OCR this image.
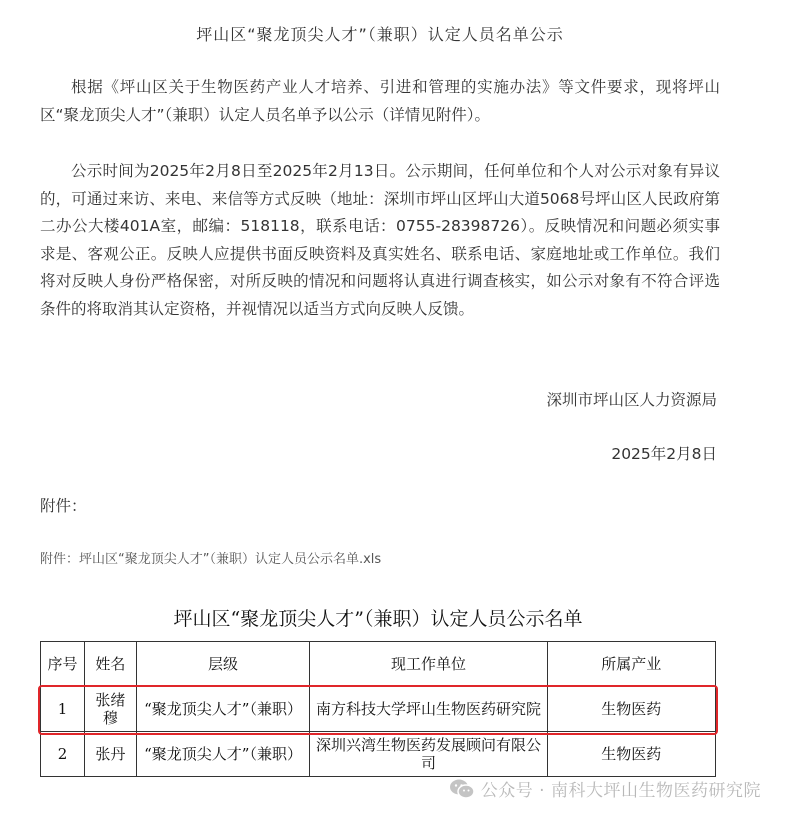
坪山区“聚龙顶尖人才”（兼职）认定人员名单公示

根据《坪山区关于生物医药产业人才培养、引进和管理的实施办法》等文件要求，现将坪山区“聚龙顶尖人才”（兼职）认定人员名单予以公示（详情见附件）。

公示时间为2025年2月8日至2025年2月13日。公示期间，任何单位和个人对公示对象有异议的，可通过来访、来电、来信等方式反映（地址：深圳市坪山区坪山大道5068号坪山区人民政府第二办公大楼401A室，邮编：518118，联系电话：0755-28398726）。反映情况和问题必须实事求是、客观公正。反映人应提供书面反映资料及真实姓名、联系电话、家庭地址或工作单位。我们将对反映人身份严格保密，对所反映的情况和问题将认真进行调查核实，如公示对象有不符合评选条件的将取消其认定资格，并视情况以适当方式向反映人反馈。

深圳市坪山区人力资源局
2025年2月8日
附件：
附件：坪山区“聚龙顶尖人才”（兼职）认定人员公示名单.xls
坪山区“聚龙顶尖人才”（兼职）认定人员公示名单
序号	姓名	层级	现工作单位	所属产业
1	张绪穆	“聚龙顶尖人才”（兼职）	南方科技大学坪山生物医药研究院	生物医药
2	张丹	“聚龙顶尖人才”（兼职）	深圳兴湾生物医药发展顾问有限公司	生物医药
公众号 · 南科大坪山生物医药研究院
